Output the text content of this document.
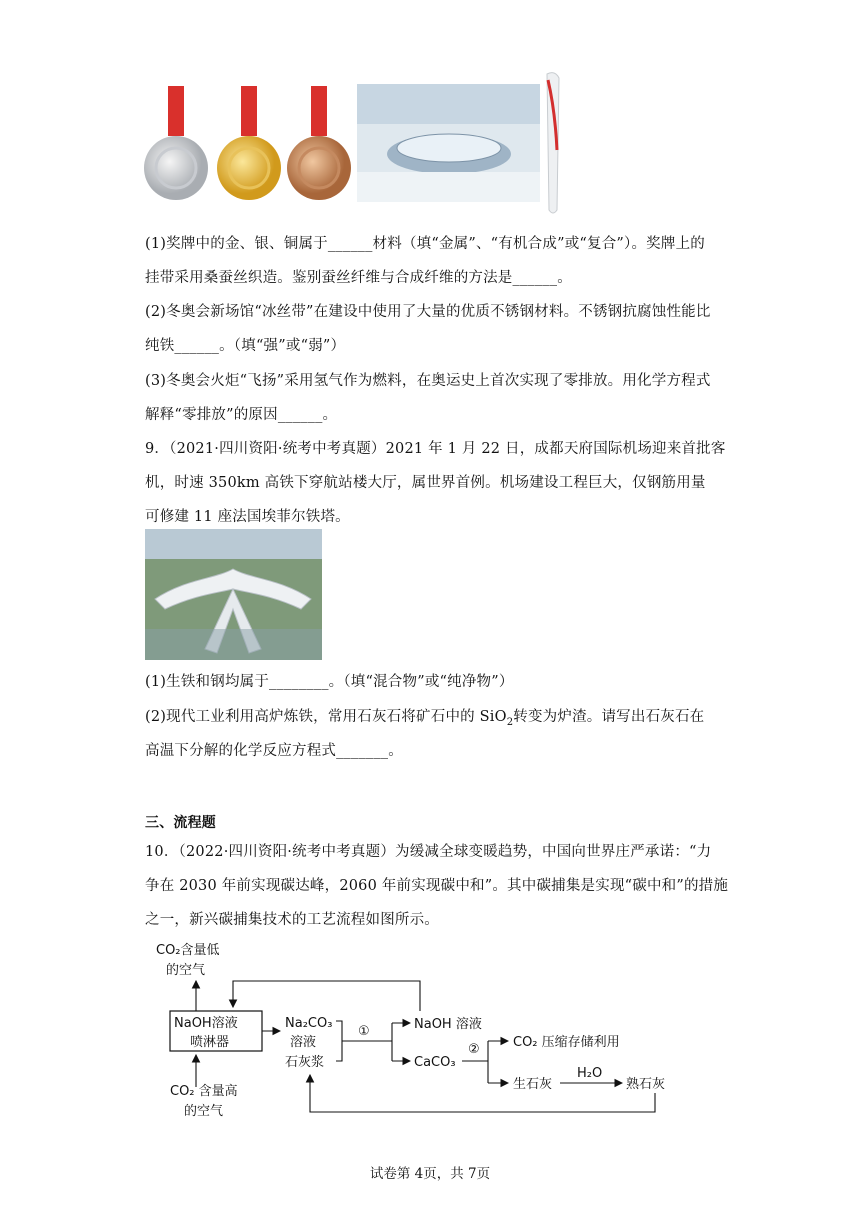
(1)奖牌中的金、银、铜属于______材料（填“金属”、“有机合成”或“复合”）。奖牌上的
挂带采用桑蚕丝织造。鉴别蚕丝纤维与合成纤维的方法是______。
(2)冬奥会新场馆“冰丝带”在建设中使用了大量的优质不锈钢材料。不锈钢抗腐蚀性能比
纯铁______。（填“强”或“弱”）
(3)冬奥会火炬“飞扬”采用氢气作为燃料，在奥运史上首次实现了零排放。用化学方程式
解释“零排放”的原因______。
9．（2021·四川资阳·统考中考真题）2021 年 1 月 22 日，成都天府国际机场迎来首批客
机，时速 350km 高铁下穿航站楼大厅，属世界首例。机场建设工程巨大，仅钢筋用量
可修建 11 座法国埃菲尔铁塔。
(1)生铁和钢均属于________。（填“混合物”或“纯净物”）
(2)现代工业利用高炉炼铁，常用石灰石将矿石中的 SiO$_2$转变为炉渣。请写出石灰石在
高温下分解的化学反应方程式_______。
三、流程题
10．（2022·四川资阳·统考中考真题）为缓减全球变暖趋势，中国向世界庄严承诺：“力
争在 2030 年前实现碳达峰，2060 年前实现碳中和”。其中碳捕集是实现“碳中和”的措施
之一，新兴碳捕集技术的工艺流程如图所示。
CO₂含量低
的空气
NaOH溶液
喷淋器
Na₂CO₃
溶液
石灰浆
①	NaOH 溶液
CaCO₃
②	CO₂ 压缩存储利用
生石灰
H₂O
熟石灰
CO₂ 含量高
的空气
试卷第 4页，共 7页
